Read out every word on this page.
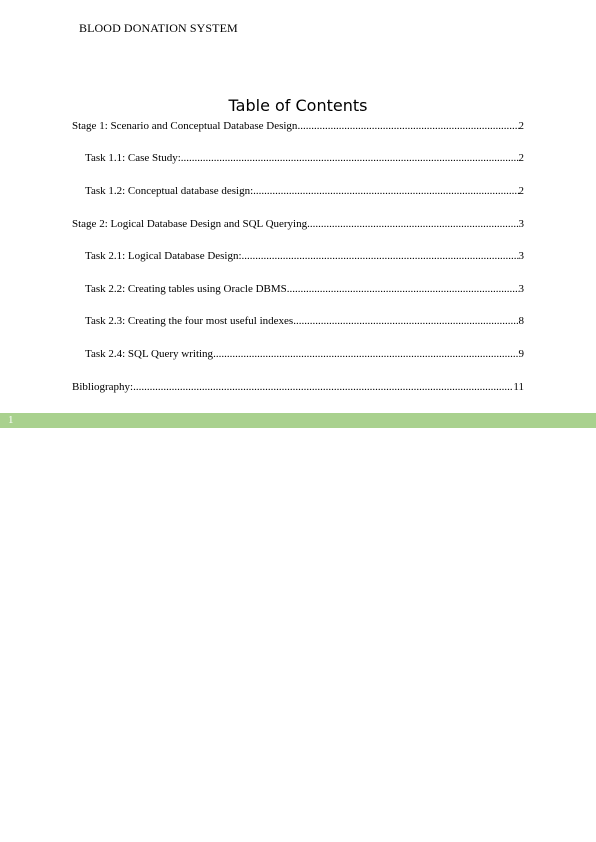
BLOOD DONATION SYSTEM
Table of Contents
Stage 1: Scenario and Conceptual Database Design .....	2
Task 1.1: Case Study: .....	2
Task 1.2: Conceptual database design: .....	2
Stage 2: Logical Database Design and SQL Querying .....	3
Task 2.1: Logical Database Design: .....	3
Task 2.2: Creating tables using Oracle DBMS .....	3
Task 2.3: Creating the four most useful indexes .....	8
Task 2.4: SQL Query writing .....	9
Bibliography: .....	11
1
